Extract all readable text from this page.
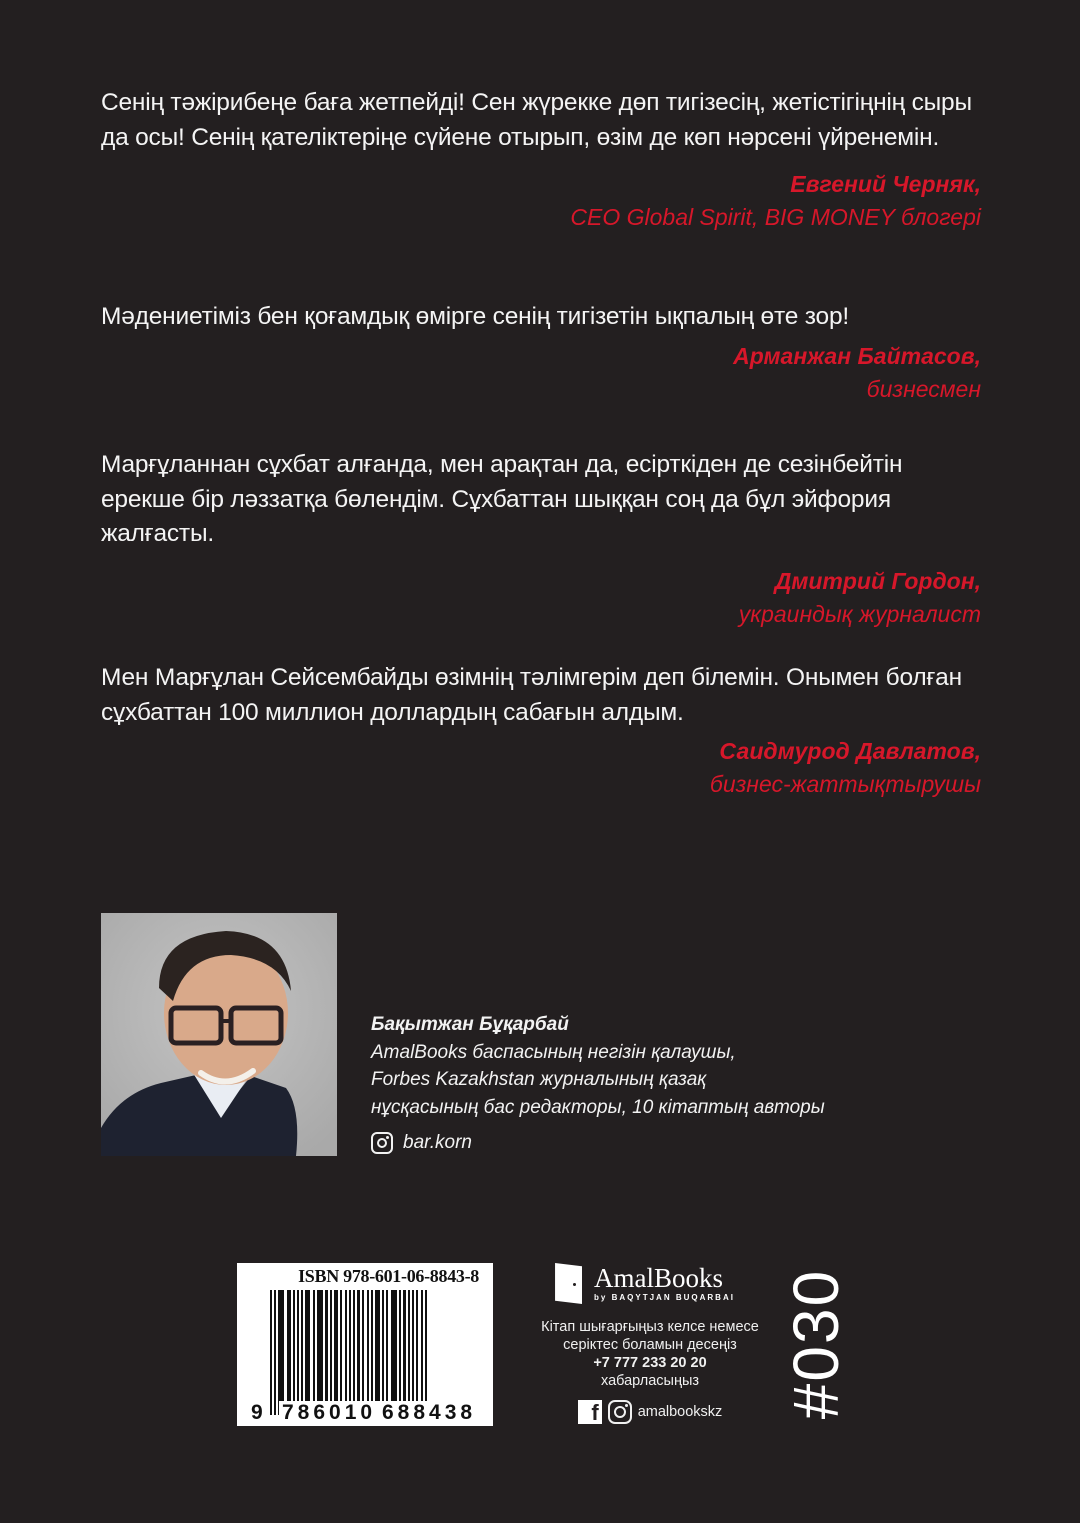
Сенің тәжірибеңе баға жетпейді! Сен жүрекке дөп тигізесің, жетістігіңнің сыры да осы! Сенің қателіктеріңе сүйене отырып, өзім де көп нәрсені үйренемін.

Евгений Черняк,
CEO Global Spirit, BIG MONEY блогері

Мәдениетіміз бен қоғамдық өмірге сенің тигізетін ықпалың өте зор!

Арманжан Байтасов,
бизнесмен

Марғұланнан сұхбат алғанда, мен арақтан да, есірткіден де сезінбейтін ерекше бір ләззатқа бөлендім. Сұхбаттан шыққан соң да бұл эйфория жалғасты.

Дмитрий Гордон,
украиндық журналист

Мен Марғұлан Сейсембайды өзімнің тәлімгерім деп білемін. Онымен болған сұхбаттан 100 миллион доллардың сабағын алдым.

Саидмурод Давлатов,
бизнес-жаттықтырушы

Бақытжан Бұқарбай
AmalBooks баспасының негізін қалаушы,
Forbes Kazakhstan журналының қазақ
нұсқасының бас редакторы, 10 кітаптың авторы
bar.korn
ISBN 978-601-06-8843-8
9 786010 688438
AmalBooks
by BAQYTJAN BUQARBAI
Кітап шығарғыңыз келсе немесе
серіктес боламын десеңіз
+7 777 233 20 20
хабарласыңыз
f	amalbookskz #030
